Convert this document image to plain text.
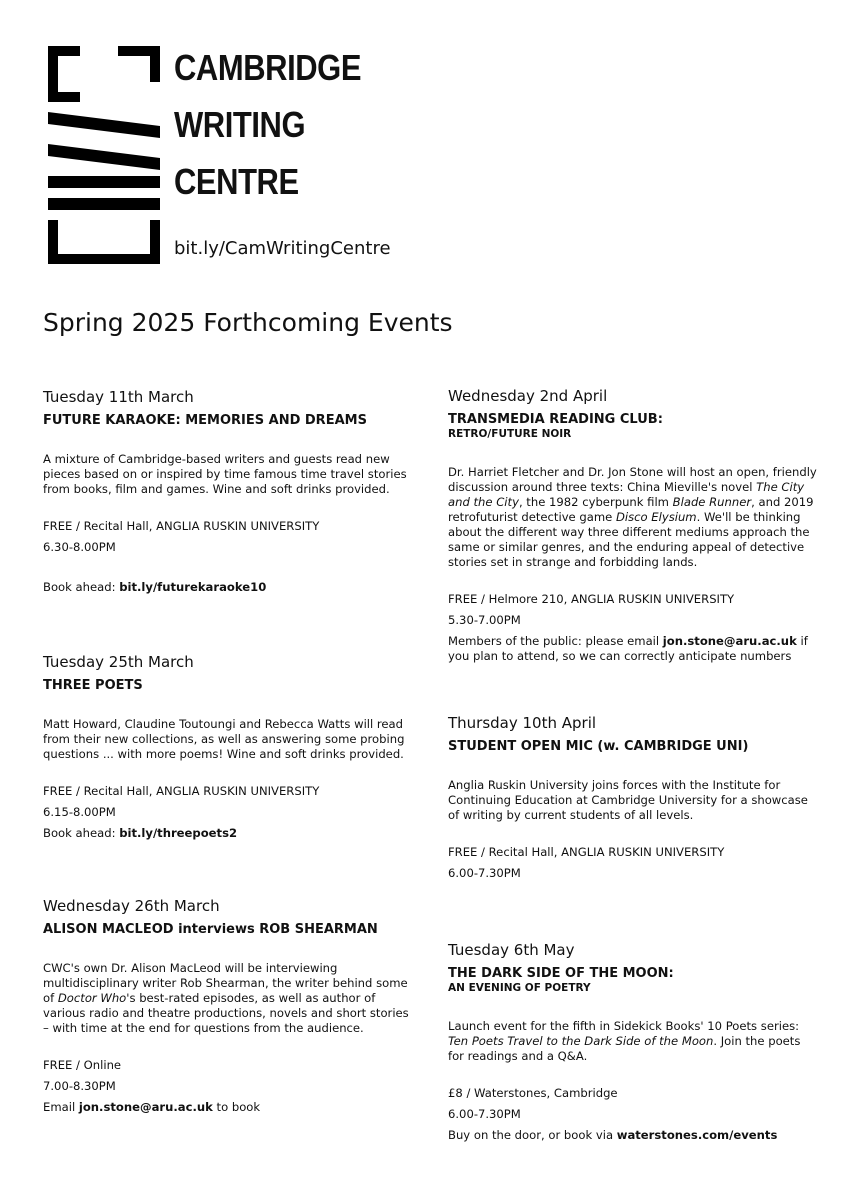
CAMBRIDGE
WRITING
CENTRE
bit.ly/CamWritingCentre
Spring 2025 Forthcoming Events
Tuesday 11th March
FUTURE KARAOKE: MEMORIES AND DREAMS
A mixture of Cambridge-based writers and guests read new pieces based on or inspired by time famous time travel stories from books, film and games. Wine and soft drinks provided.
FREE / Recital Hall, ANGLIA RUSKIN UNIVERSITY
6.30-8.00PM
Book ahead: bit.ly/futurekaraoke10
Tuesday 25th March
THREE POETS
Matt Howard, Claudine Toutoungi and Rebecca Watts will read from their new collections, as well as answering some probing questions ... with more poems! Wine and soft drinks provided.
FREE / Recital Hall, ANGLIA RUSKIN UNIVERSITY
6.15-8.00PM
Book ahead: bit.ly/threepoets2
Wednesday 26th March
ALISON MACLEOD interviews ROB SHEARMAN
CWC's own Dr. Alison MacLeod will be interviewing multidisciplinary writer Rob Shearman, the writer behind some of Doctor Who's best-rated episodes, as well as author of various radio and theatre productions, novels and short stories – with time at the end for questions from the audience.
FREE / Online
7.00-8.30PM
Email jon.stone@aru.ac.uk to book
Wednesday 2nd April
TRANSMEDIA READING CLUB:
RETRO/FUTURE NOIR
Dr. Harriet Fletcher and Dr. Jon Stone will host an open, friendly discussion around three texts: China Mieville's novel The City and the City, the 1982 cyberpunk film Blade Runner, and 2019 retrofuturist detective game Disco Elysium. We'll be thinking about the different way three different mediums approach the same or similar genres, and the enduring appeal of detective stories set in strange and forbidding lands.
FREE / Helmore 210, ANGLIA RUSKIN UNIVERSITY
5.30-7.00PM
Members of the public: please email jon.stone@aru.ac.uk if you plan to attend, so we can correctly anticipate numbers
Thursday 10th April
STUDENT OPEN MIC (w. CAMBRIDGE UNI)
Anglia Ruskin University joins forces with the Institute for Continuing Education at Cambridge University for a showcase of writing by current students of all levels.
FREE / Recital Hall, ANGLIA RUSKIN UNIVERSITY
6.00-7.30PM
Tuesday 6th May
THE DARK SIDE OF THE MOON:
AN EVENING OF POETRY
Launch event for the fifth in Sidekick Books' 10 Poets series: Ten Poets Travel to the Dark Side of the Moon. Join the poets for readings and a Q&A.
£8 / Waterstones, Cambridge
6.00-7.30PM
Buy on the door, or book via waterstones.com/events
